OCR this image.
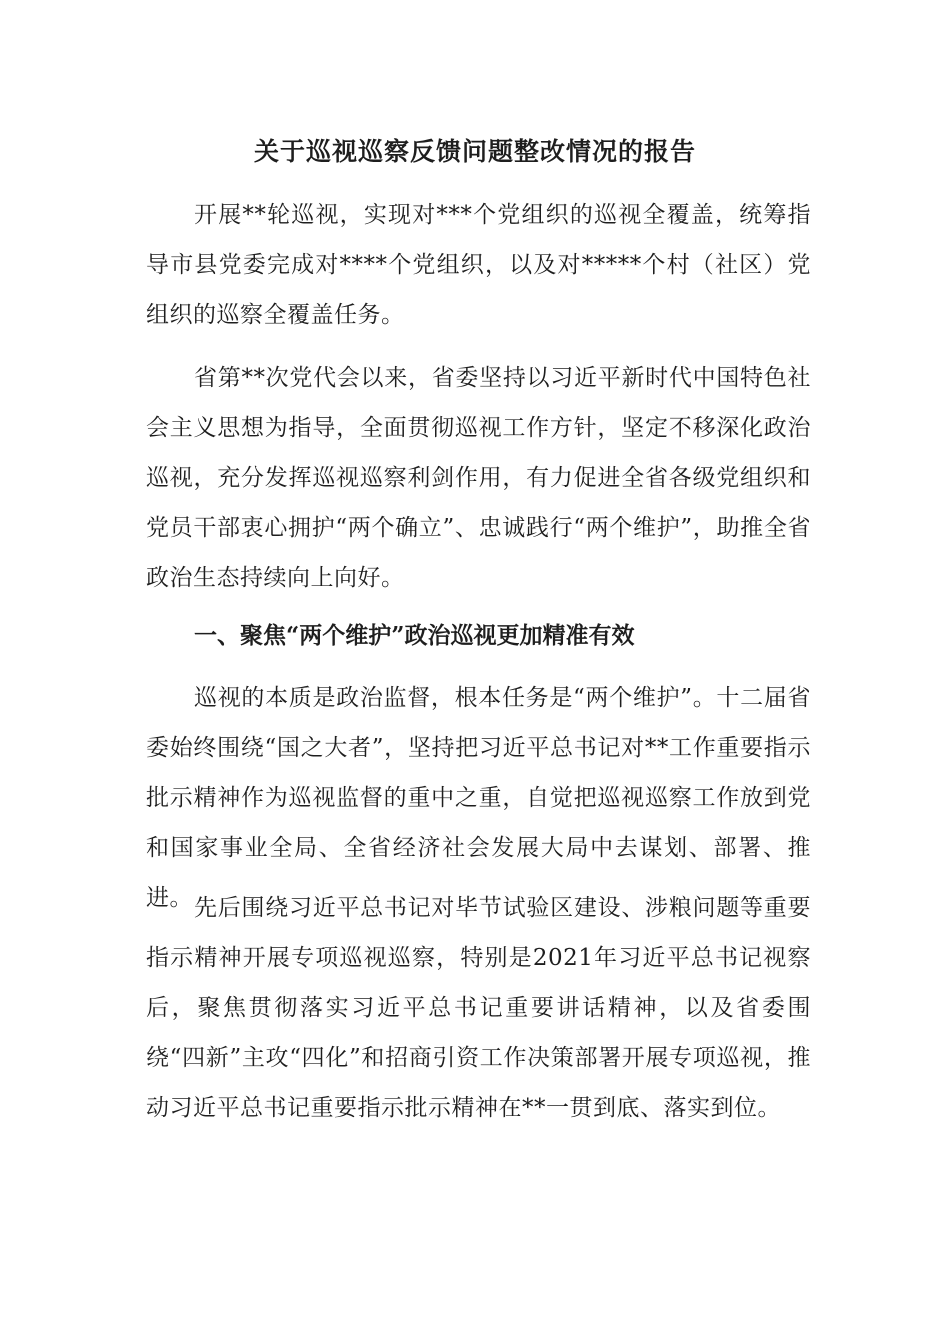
关于巡视巡察反馈问题整改情况的报告

开展**轮巡视，实现对***个党组织的巡视全覆盖，统筹指导市县党委完成对****个党组织，以及对*****个村（社区）党组织的巡察全覆盖任务。

省第**次党代会以来，省委坚持以习近平新时代中国特色社会主义思想为指导，全面贯彻巡视工作方针，坚定不移深化政治巡视，充分发挥巡视巡察利剑作用，有力促进全省各级党组织和党员干部衷心拥护“两个确立”、忠诚践行“两个维护”，助推全省政治生态持续向上向好。

一、聚焦“两个维护”政治巡视更加精准有效

巡视的本质是政治监督，根本任务是“两个维护”。十二届省委始终围绕“国之大者”，坚持把习近平总书记对**工作重要指示批示精神作为巡视监督的重中之重，自觉把巡视巡察工作放到党和国家事业全局、全省经济社会发展大局中去谋划、部署、推进。 先后围绕习近平总书记对毕节试验区建设、涉粮问题等重要指示精神开展专项巡视巡察，特别是2021年习近平总书记视察后，聚焦贯彻落实习近平总书记重要讲话精神，以及省委围绕“四新”主攻“四化”和招商引资工作决策部署开展专项巡视，推动习近平总书记重要指示批示精神在**一贯到底、落实到位。
